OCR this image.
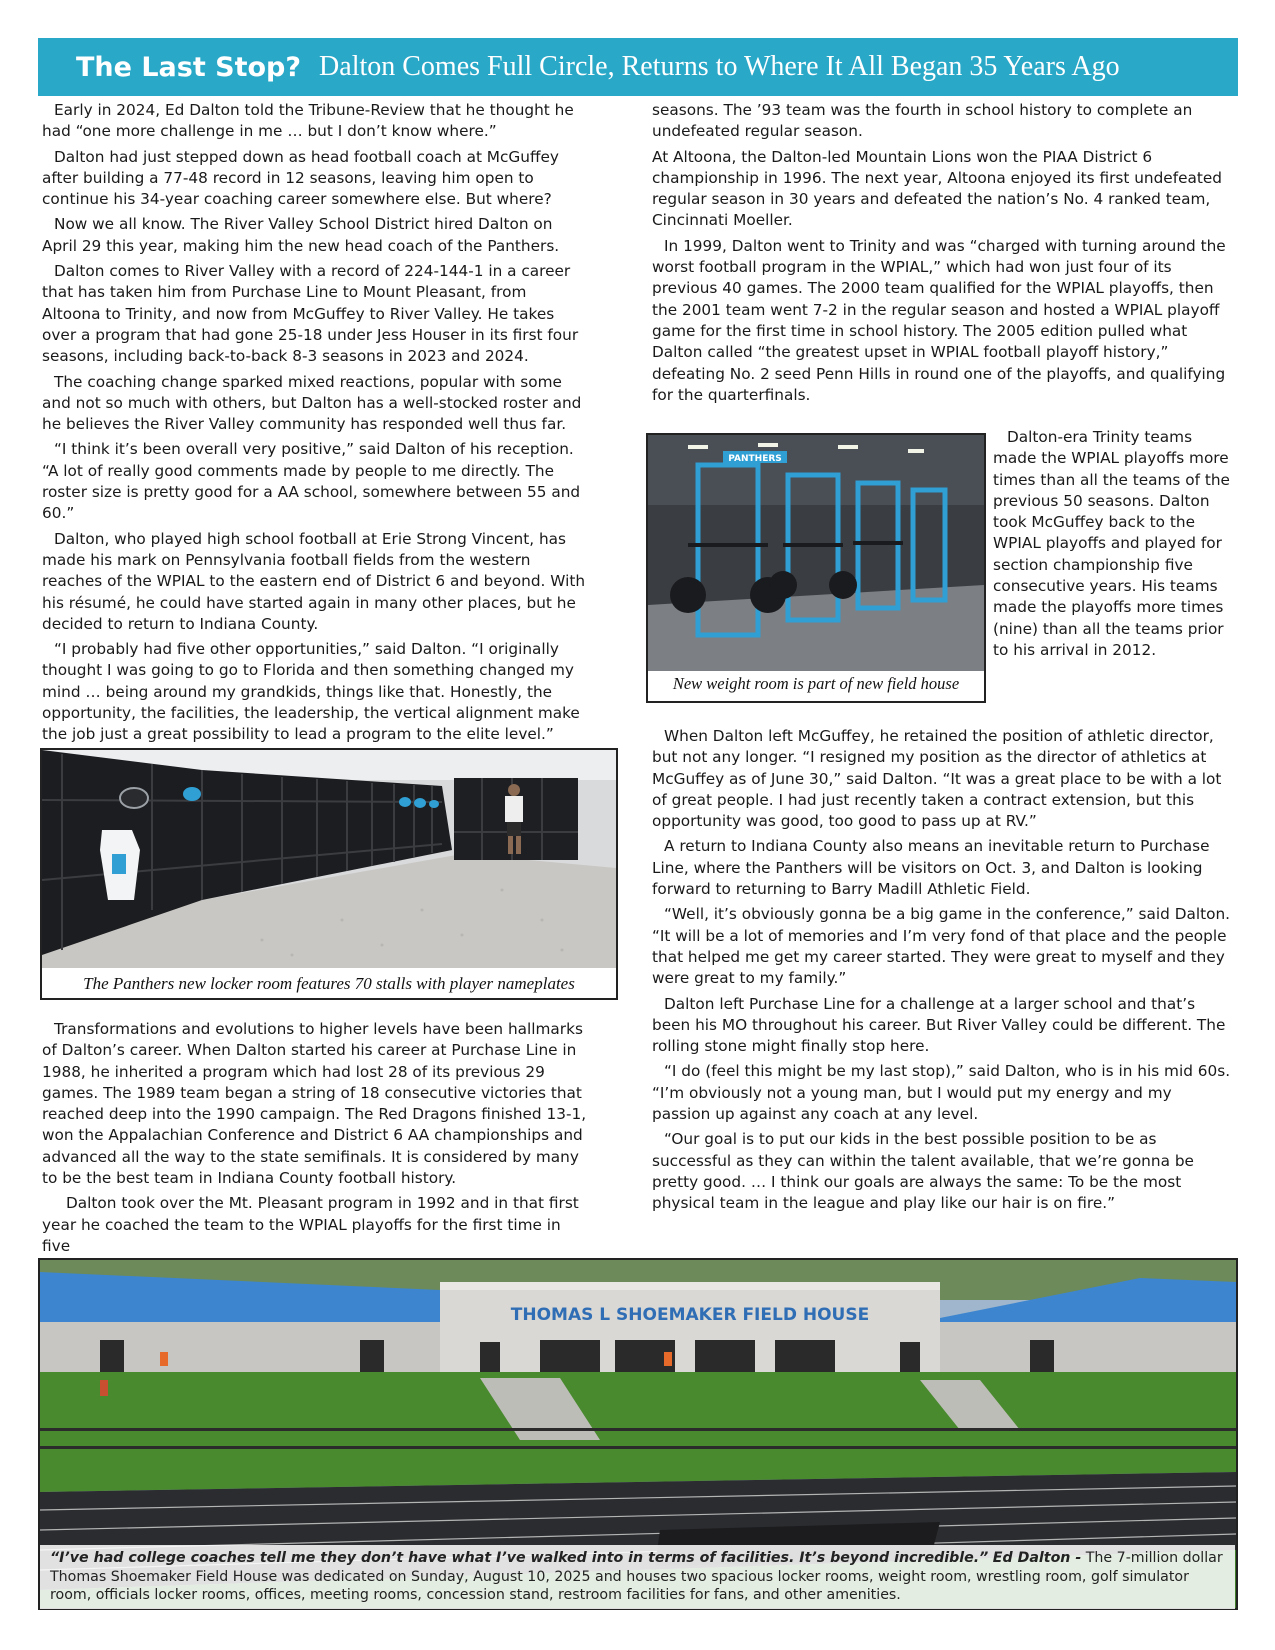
The Last Stop? Dalton Comes Full Circle, Returns to Where It All Began 35 Years Ago

Early in 2024, Ed Dalton told the Tribune-Review that he thought he had “one more challenge in me … but I don’t know where.”

Dalton had just stepped down as head football coach at McGuffey after building a 77-48 record in 12 seasons, leaving him open to continue his 34-year coaching career somewhere else. But where?

Now we all know. The River Valley School District hired Dalton on April 29 this year, making him the new head coach of the Panthers.

Dalton comes to River Valley with a record of 224-144-1 in a career that has taken him from Purchase Line to Mount Pleasant, from Altoona to Trinity, and now from McGuffey to River Valley. He takes over a program that had gone 25-18 under Jess Houser in its first four seasons, including back-to-back 8-3 seasons in 2023 and 2024.

The coaching change sparked mixed reactions, popular with some and not so much with others, but Dalton has a well-stocked roster and he believes the River Valley community has responded well thus far.

“I think it’s been overall very positive,” said Dalton of his reception. “A lot of really good comments made by people to me directly. The roster size is pretty good for a AA school, somewhere between 55 and 60.”

Dalton, who played high school football at Erie Strong Vincent, has made his mark on Pennsylvania football fields from the western reaches of the WPIAL to the eastern end of District 6 and beyond. With his résumé, he could have started again in many other places, but he decided to return to Indiana County.

“I probably had five other opportunities,” said Dalton. “I originally thought I was going to go to Florida and then something changed my mind … being around my grandkids, things like that. Honestly, the opportunity, the facilities, the leadership, the vertical alignment make the job just a great possibility to lead a program to the elite level.”

The Panthers new locker room features 70 stalls with player nameplates

Transformations and evolutions to higher levels have been hallmarks of Dalton’s career. When Dalton started his career at Purchase Line in 1988, he inherited a program which had lost 28 of its previous 29 games. The 1989 team began a string of 18 consecutive victories that reached deep into the 1990 campaign. The Red Dragons finished 13-1, won the Appalachian Conference and District 6 AA championships and advanced all the way to the state semifinals. It is considered by many to be the best team in Indiana County football history.

Dalton took over the Mt. Pleasant program in 1992 and in that first year he coached the team to the WPIAL playoffs for the first time in five

seasons. The ’93 team was the fourth in school history to complete an undefeated regular season.

At Altoona, the Dalton-led Mountain Lions won the PIAA District 6 championship in 1996. The next year, Altoona enjoyed its first undefeated regular season in 30 years and defeated the nation’s No. 4 ranked team, Cincinnati Moeller.

In 1999, Dalton went to Trinity and was “charged with turning around the worst football program in the WPIAL,” which had won just four of its previous 40 games. The 2000 team qualified for the WPIAL playoffs, then the 2001 team went 7-2 in the regular season and hosted a WPIAL playoff game for the first time in school history. The 2005 edition pulled what Dalton called “the greatest upset in WPIAL football playoff history,” defeating No. 2 seed Penn Hills in round one of the playoffs, and qualifying for the quarterfinals.

PANTHERS
New weight room is part of new field house

Dalton-era Trinity teams made the WPIAL playoffs more times than all the teams of the previous 50 seasons. Dalton took McGuffey back to the WPIAL playoffs and played for section championship five consecutive years. His teams made the playoffs more times (nine) than all the teams prior to his arrival in 2012.

When Dalton left McGuffey, he retained the position of athletic director, but not any longer. “I resigned my position as the director of athletics at McGuffey as of June 30,” said Dalton. “It was a great place to be with a lot of great people. I had just recently taken a contract extension, but this opportunity was good, too good to pass up at RV.”

A return to Indiana County also means an inevitable return to Purchase Line, where the Panthers will be visitors on Oct. 3, and Dalton is looking forward to returning to Barry Madill Athletic Field.

“Well, it’s obviously gonna be a big game in the conference,” said Dalton. “It will be a lot of memories and I’m very fond of that place and the people that helped me get my career started. They were great to myself and they were great to my family.”

Dalton left Purchase Line for a challenge at a larger school and that’s been his MO throughout his career. But River Valley could be different. The rolling stone might finally stop here.

“I do (feel this might be my last stop),” said Dalton, who is in his mid 60s. “I’m obviously not a young man, but I would put my energy and my passion up against any coach at any level.

“Our goal is to put our kids in the best possible position to be as successful as they can within the talent available, that we’re gonna be pretty good. … I think our goals are always the same: To be the most physical team in the league and play like our hair is on fire.”

THOMAS L SHOEMAKER FIELD HOUSE
“I’ve had college coaches tell me they don’t have what I’ve walked into in terms of facilities. It’s beyond incredible.” Ed Dalton - The 7-million dollar Thomas Shoemaker Field House was dedicated on Sunday, August 10, 2025 and houses two spacious locker rooms, weight room, wrestling room, golf simulator room, officials locker rooms, offices, meeting rooms, concession stand, restroom facilities for fans, and other amenities.
